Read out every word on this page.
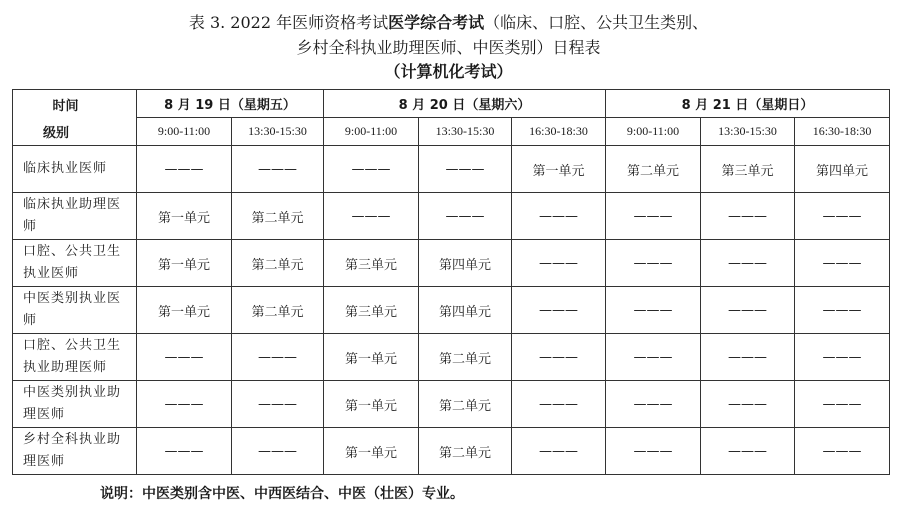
表 3. 2022 年医师资格考试医学综合考试（临床、口腔、公共卫生类别、
乡村全科执业助理医师、中医类别）日程表
（计算机化考试）
时间
级别	8 月 19 日（星期五）		8 月 20 日（星期六）			8 月 21 日（星期日）		
	9:00-11:00	13:30-15:30	9:00-11:00	13:30-15:30	16:30-18:30	9:00-11:00	13:30-15:30	16:30-18:30
临床执业医师	———	———	———	———	第一单元	第二单元	第三单元	第四单元
临床执业助理医师	第一单元	第二单元	———	———	———	———	———	———
口腔、公共卫生执业医师	第一单元	第二单元	第三单元	第四单元	———	———	———	———
中医类别执业医师	第一单元	第二单元	第三单元	第四单元	———	———	———	———
口腔、公共卫生执业助理医师	———	———	第一单元	第二单元	———	———	———	———
中医类别执业助理医师	———	———	第一单元	第二单元	———	———	———	———
乡村全科执业助理医师	———	———	第一单元	第二单元	———	———	———	———
说明：中医类别含中医、中西医结合、中医（壮医）专业。
